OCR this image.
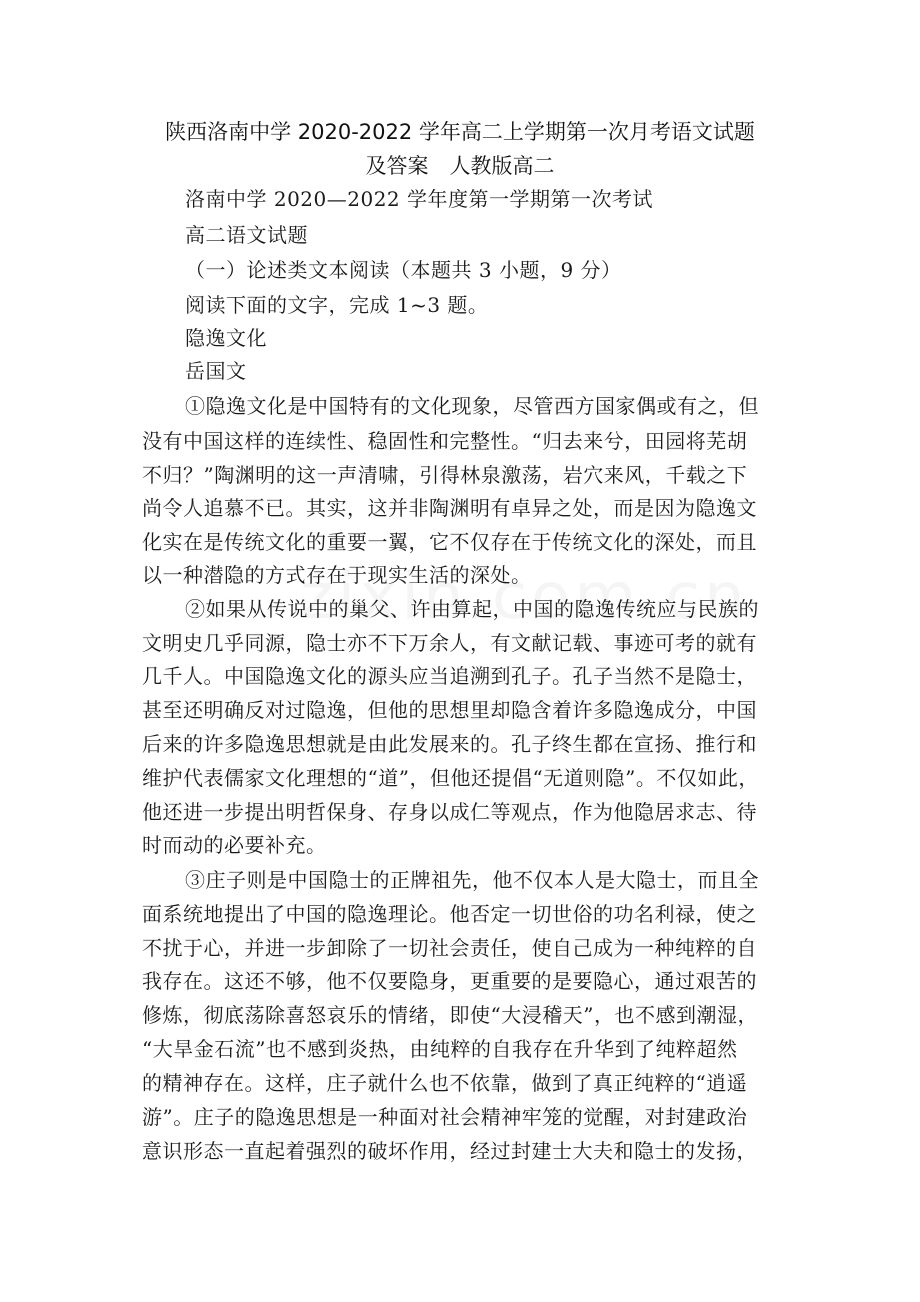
陕西洛南中学 2020-2022 学年高二上学期第一次月考语文试题
及答案　人教版高二
洛南中学 2020—2022 学年度第一学期第一次考试
高二语文试题
（一）论述类文本阅读（本题共 3 小题，9 分）
阅读下面的文字，完成 1~3 题。
隐逸文化
岳国文
①隐逸文化是中国特有的文化现象，尽管西方国家偶或有之，但
没有中国这样的连续性、稳固性和完整性。“归去来兮，田园将芜胡
不归？”陶渊明的这一声清啸，引得林泉激荡，岩穴来风，千载之下
尚令人追慕不已。其实，这并非陶渊明有卓异之处，而是因为隐逸文
化实在是传统文化的重要一翼，它不仅存在于传统文化的深处，而且
以一种潜隐的方式存在于现实生活的深处。
②如果从传说中的巢父、许由算起，中国的隐逸传统应与民族的
文明史几乎同源，隐士亦不下万余人，有文献记载、事迹可考的就有
几千人。中国隐逸文化的源头应当追溯到孔子。孔子当然不是隐士，
甚至还明确反对过隐逸，但他的思想里却隐含着许多隐逸成分，中国
后来的许多隐逸思想就是由此发展来的。孔子终生都在宣扬、推行和
维护代表儒家文化理想的“道”，但他还提倡“无道则隐”。不仅如此，
他还进一步提出明哲保身、存身以成仁等观点，作为他隐居求志、待
时而动的必要补充。
③庄子则是中国隐士的正牌祖先，他不仅本人是大隐士，而且全
面系统地提出了中国的隐逸理论。他否定一切世俗的功名利禄，使之
不扰于心，并进一步卸除了一切社会责任，使自己成为一种纯粹的自
我存在。这还不够，他不仅要隐身，更重要的是要隐心，通过艰苦的
修炼，彻底荡除喜怒哀乐的情绪，即使“大浸稽天”，也不感到潮湿，
“大旱金石流”也不感到炎热，由纯粹的自我存在升华到了纯粹超然
的精神存在。这样，庄子就什么也不依靠，做到了真正纯粹的“逍遥
游”。庄子的隐逸思想是一种面对社会精神牢笼的觉醒，对封建政治
意识形态一直起着强烈的破坏作用，经过封建士大夫和隐士的发扬，
